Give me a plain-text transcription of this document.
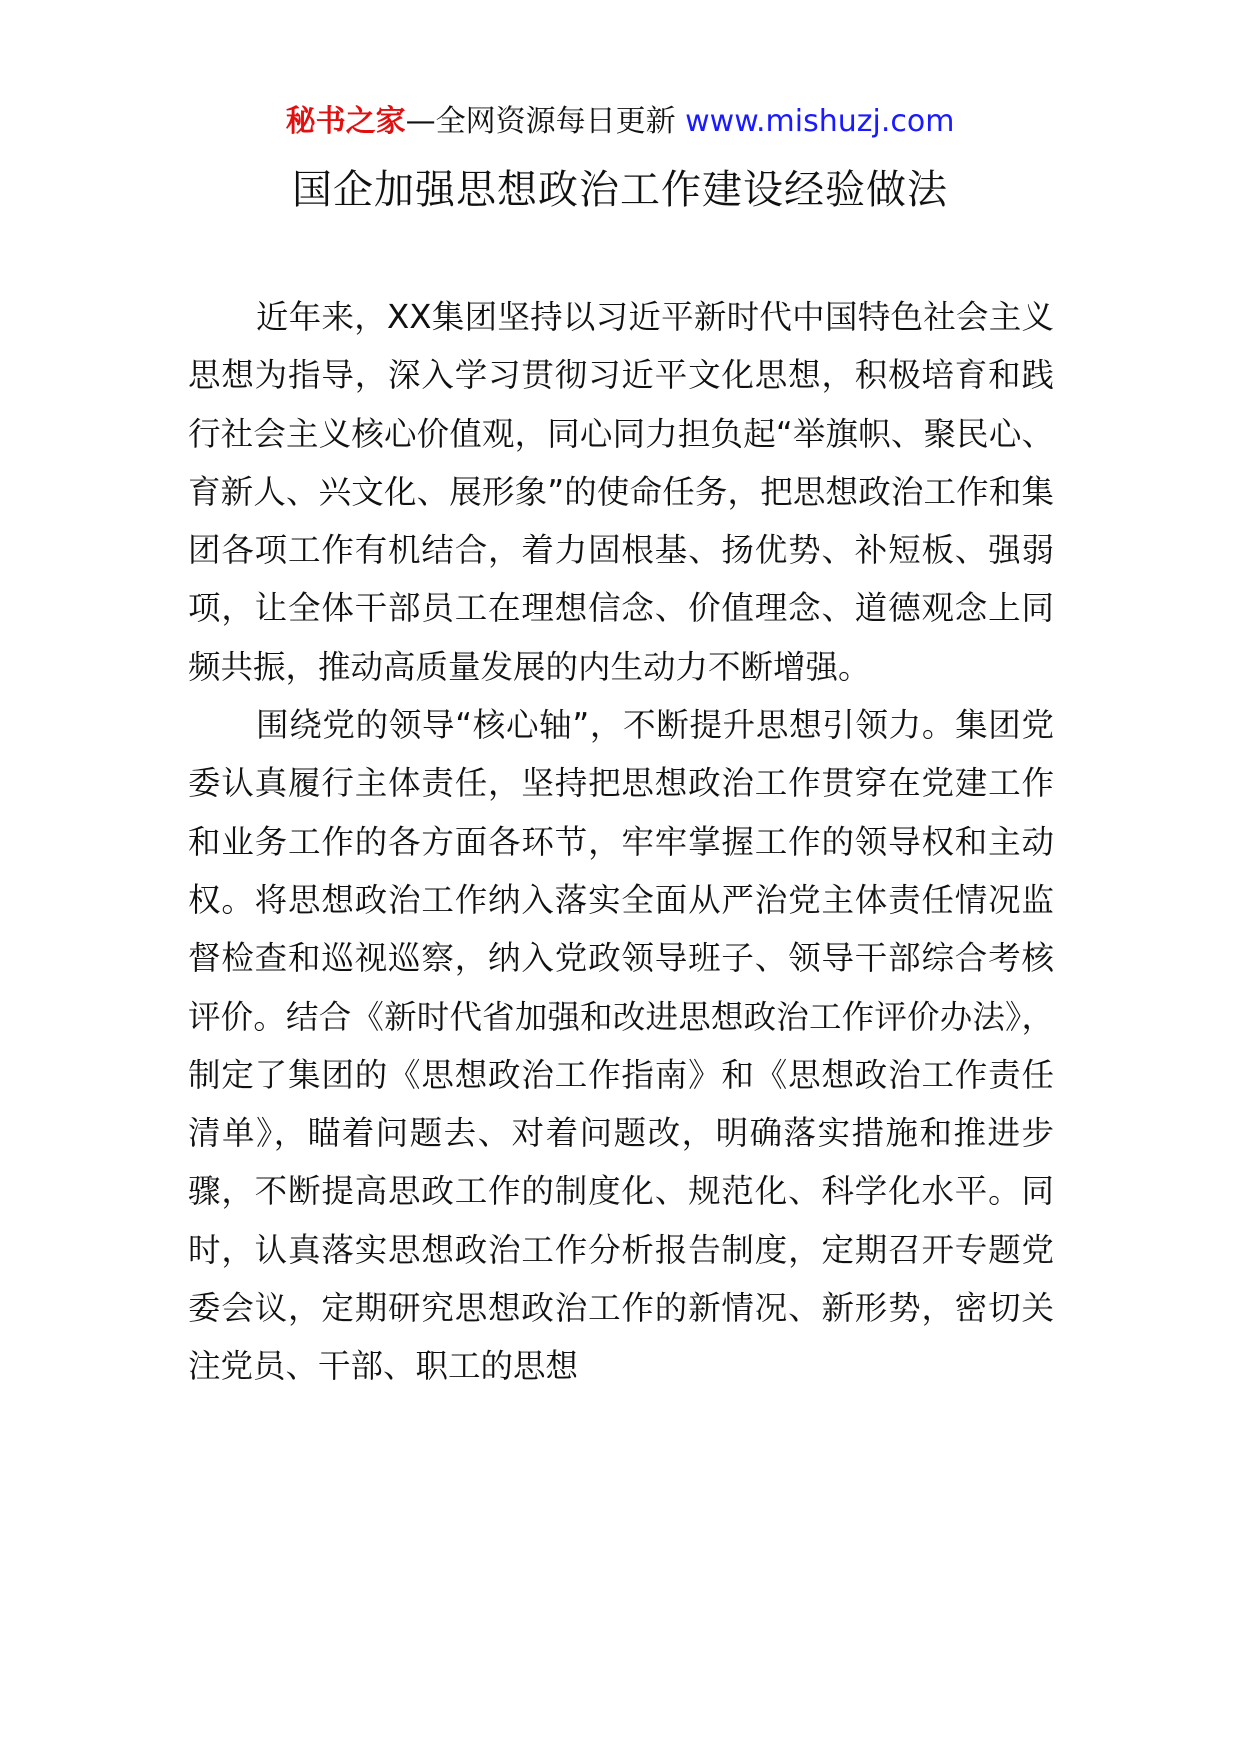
秘书之家—全网资源每日更新 www.mishuzj.com
国企加强思想政治工作建设经验做法

近年来，XX集团坚持以习近平新时代中国特色社会主义思想为指导，深入学习贯彻习近平文化思想，积极培育和践行社会主义核心价值观，同心同力担负起“举旗帜、聚民心、育新人、兴文化、展形象”的使命任务，把思想政治工作和集团各项工作有机结合，着力固根基、扬优势、补短板、强弱项，让全体干部员工在理想信念、价值理念、道德观念上同频共振，推动高质量发展的内生动力不断增强。

围绕党的领导“核心轴”，不断提升思想引领力。集团党委认真履行主体责任，坚持把思想政治工作贯穿在党建工作和业务工作的各方面各环节，牢牢掌握工作的领导权和主动权。将思想政治工作纳入落实全面从严治党主体责任情况监督检查和巡视巡察，纳入党政领导班子、领导干部综合考核评价。结合《新时代省加强和改进思想政治工作评价办法》，制定了集团的《思想政治工作指南》和《思想政治工作责任清单》，瞄着问题去、对着问题改，明确落实措施和推进步骤，不断提高思政工作的制度化、规范化、科学化水平。同时，认真落实思想政治工作分析报告制度，定期召开专题党委会议，定期研究思想政治工作的新情况、新形势，密切关注党员、干部、职工的思想
